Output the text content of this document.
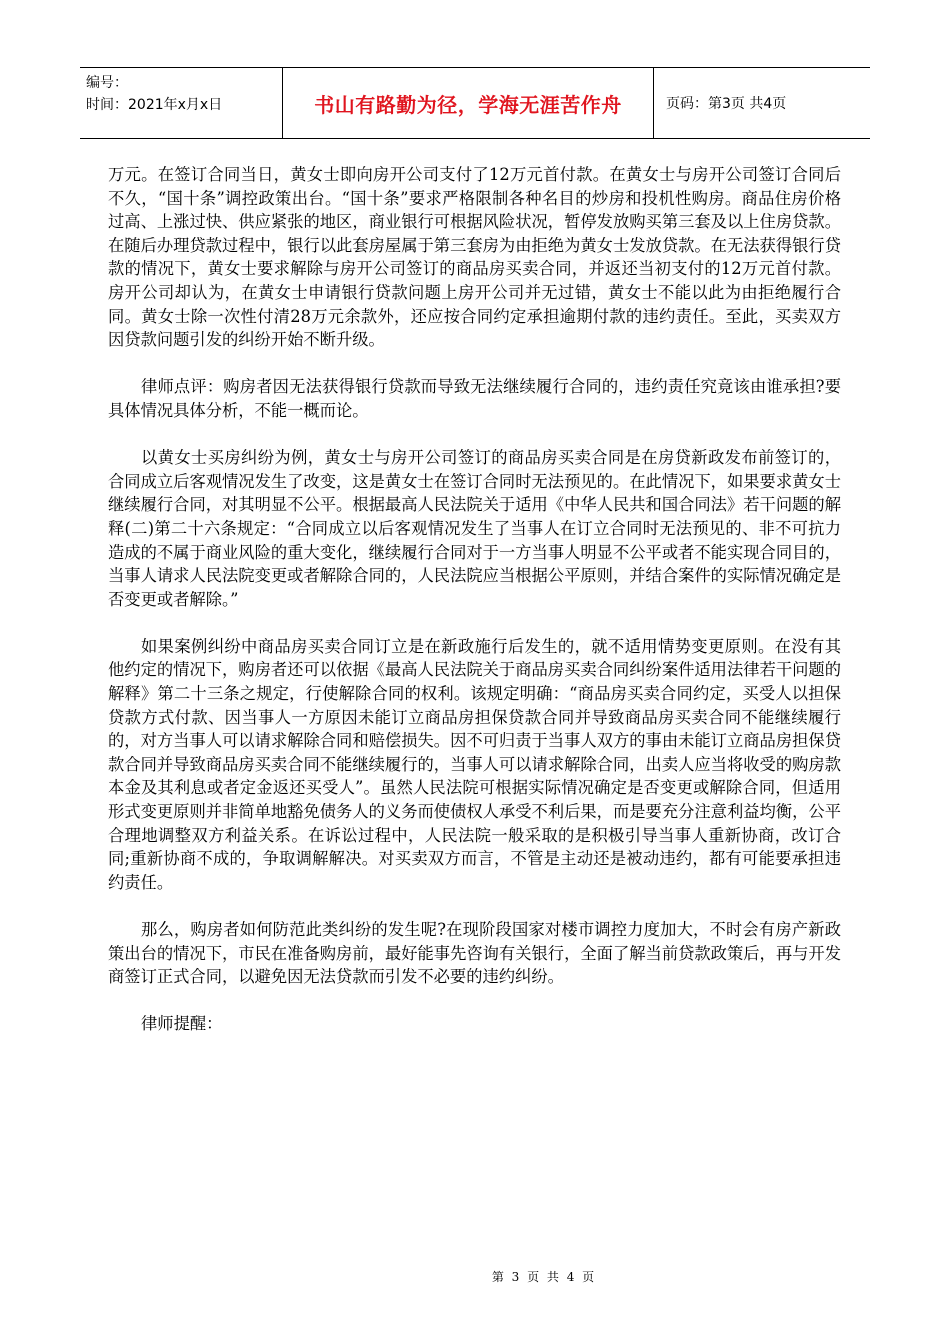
编号：
时间：2021年x月x日	书山有路勤为径，学海无涯苦作舟	页码：第3页 共4页

万元。在签订合同当日，黄女士即向房开公司支付了12万元首付款。在黄女士与房开公司签订合同后不久，“国十条”调控政策出台。“国十条”要求严格限制各种名目的炒房和投机性购房。商品住房价格过高、上涨过快、供应紧张的地区，商业银行可根据风险状况，暂停发放购买第三套及以上住房贷款。在随后办理贷款过程中，银行以此套房屋属于第三套房为由拒绝为黄女士发放贷款。在无法获得银行贷款的情况下，黄女士要求解除与房开公司签订的商品房买卖合同，并返还当初支付的12万元首付款。房开公司却认为，在黄女士申请银行贷款问题上房开公司并无过错，黄女士不能以此为由拒绝履行合同。黄女士除一次性付清28万元余款外，还应按合同约定承担逾期付款的违约责任。至此，买卖双方因贷款问题引发的纠纷开始不断升级。

律师点评：购房者因无法获得银行贷款而导致无法继续履行合同的，违约责任究竟该由谁承担?要具体情况具体分析，不能一概而论。

以黄女士买房纠纷为例，黄女士与房开公司签订的商品房买卖合同是在房贷新政发布前签订的，合同成立后客观情况发生了改变，这是黄女士在签订合同时无法预见的。在此情况下，如果要求黄女士继续履行合同，对其明显不公平。根据最高人民法院关于适用《中华人民共和国合同法》若干问题的解释(二)第二十六条规定：“合同成立以后客观情况发生了当事人在订立合同时无法预见的、非不可抗力造成的不属于商业风险的重大变化，继续履行合同对于一方当事人明显不公平或者不能实现合同目的，当事人请求人民法院变更或者解除合同的，人民法院应当根据公平原则，并结合案件的实际情况确定是否变更或者解除。”

如果案例纠纷中商品房买卖合同订立是在新政施行后发生的，就不适用情势变更原则。在没有其他约定的情况下，购房者还可以依据《最高人民法院关于商品房买卖合同纠纷案件适用法律若干问题的解释》第二十三条之规定，行使解除合同的权利。该规定明确：“商品房买卖合同约定，买受人以担保贷款方式付款、因当事人一方原因未能订立商品房担保贷款合同并导致商品房买卖合同不能继续履行的，对方当事人可以请求解除合同和赔偿损失。因不可归责于当事人双方的事由未能订立商品房担保贷款合同并导致商品房买卖合同不能继续履行的，当事人可以请求解除合同，出卖人应当将收受的购房款本金及其利息或者定金返还买受人”。虽然人民法院可根据实际情况确定是否变更或解除合同，但适用形式变更原则并非简单地豁免债务人的义务而使债权人承受不利后果，而是要充分注意利益均衡，公平合理地调整双方利益关系。在诉讼过程中，人民法院一般采取的是积极引导当事人重新协商，改订合同;重新协商不成的，争取调解解决。对买卖双方而言，不管是主动还是被动违约，都有可能要承担违约责任。

那么，购房者如何防范此类纠纷的发生呢?在现阶段国家对楼市调控力度加大，不时会有房产新政策出台的情况下，市民在准备购房前，最好能事先咨询有关银行，全面了解当前贷款政策后，再与开发商签订正式合同，以避免因无法贷款而引发不必要的违约纠纷。

律师提醒：

第 3 页 共 4 页
